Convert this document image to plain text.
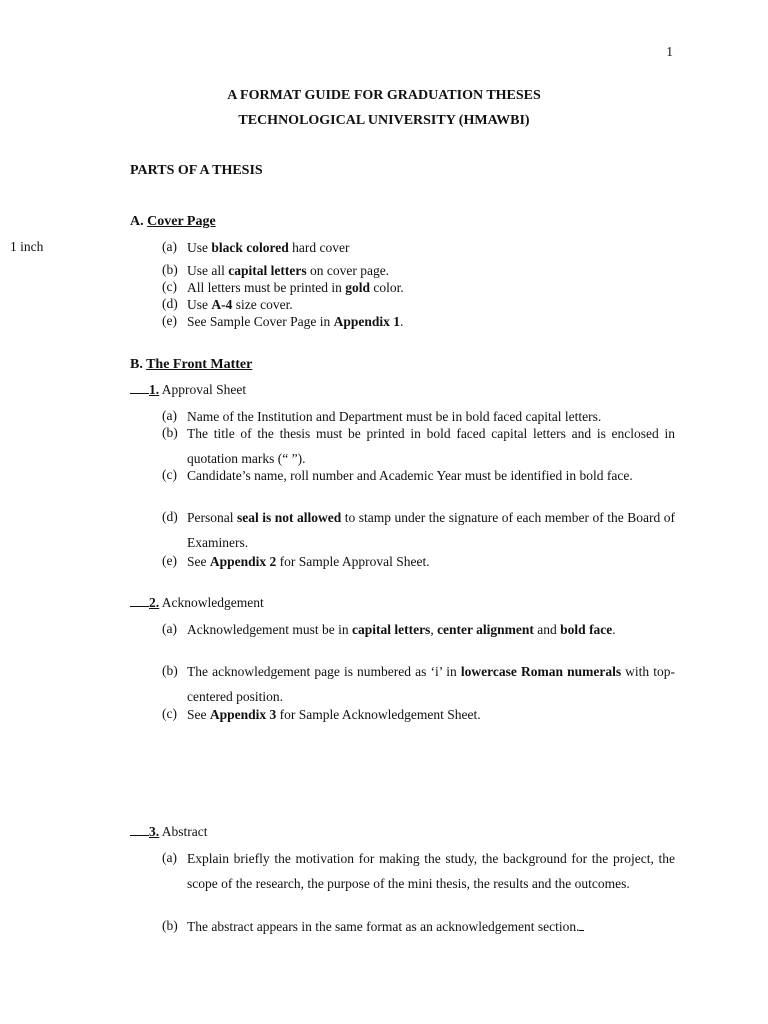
1
A FORMAT GUIDE FOR GRADUATION THESES
TECHNOLOGICAL UNIVERSITY (HMAWBI)
PARTS OF A THESIS
A. Cover Page
1 inch	(a) Use black colored hard cover
(b) Use all capital letters on cover page.
(c) All letters must be printed in gold color.
(d) Use A-4 size cover.
(e) See Sample Cover Page in Appendix 1.
B. The Front Matter
1. Approval Sheet
(a) Name of the Institution and Department must be in bold faced capital letters.
(b) The title of the thesis must be printed in bold faced capital letters and is enclosed in quotation marks (“ ”).
(c) Candidate’s name, roll number and Academic Year must be identified in bold face.
(d) Personal seal is not allowed to stamp under the signature of each member of the Board of Examiners.
(e) See Appendix 2 for Sample Approval Sheet.
2. Acknowledgement
(a) Acknowledgement must be in capital letters, center alignment and bold face.
(b) The acknowledgement page is numbered as ‘i’ in lowercase Roman numerals with top-centered position.
(c) See Appendix 3 for Sample Acknowledgement Sheet.
3. Abstract
(a) Explain briefly the motivation for making the study, the background for the project, the scope of the research, the purpose of the mini thesis, the results and the outcomes.
(b) The abstract appears in the same format as an acknowledgement section.
